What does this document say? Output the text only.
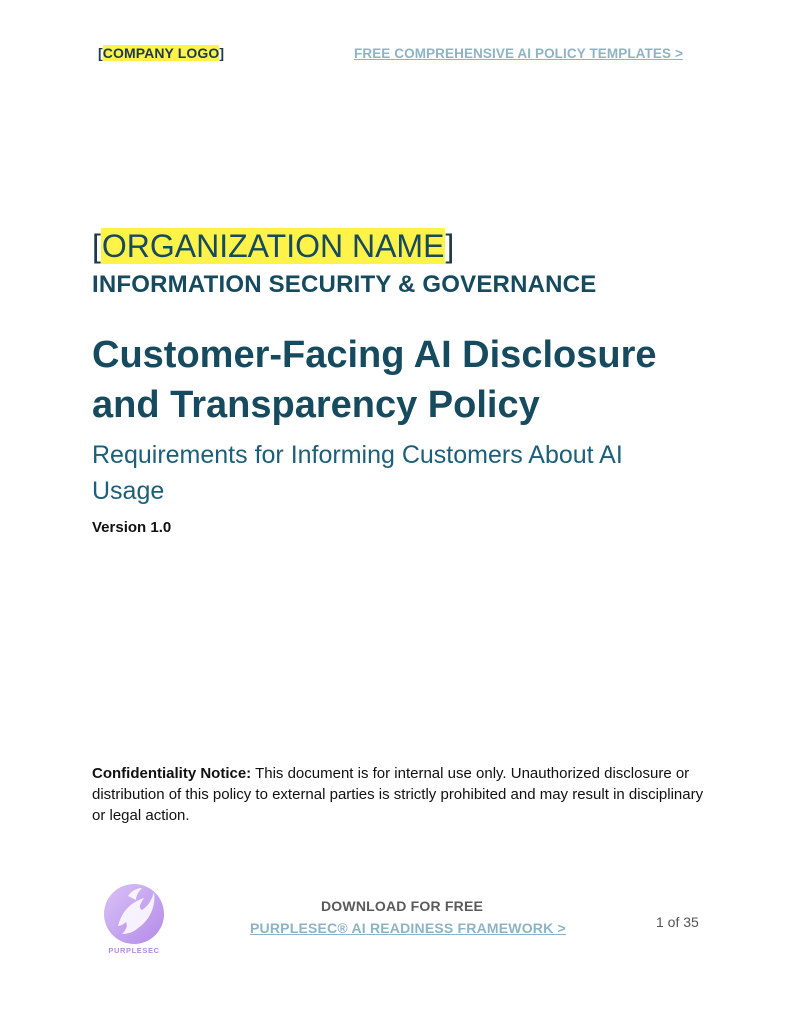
[COMPANY LOGO]	FREE COMPREHENSIVE AI POLICY TEMPLATES >
[ORGANIZATION NAME]
INFORMATION SECURITY & GOVERNANCE
Customer-Facing AI Disclosure
and Transparency Policy
Requirements for Informing Customers About AI
Usage
Version 1.0

Confidentiality Notice: This document is for internal use only. Unauthorized disclosure or distribution of this policy to external parties is strictly prohibited and may result in disciplinary or legal action.

PURPLESEC
DOWNLOAD FOR FREE
PURPLESEC® AI READINESS FRAMEWORK >	1 of 35
